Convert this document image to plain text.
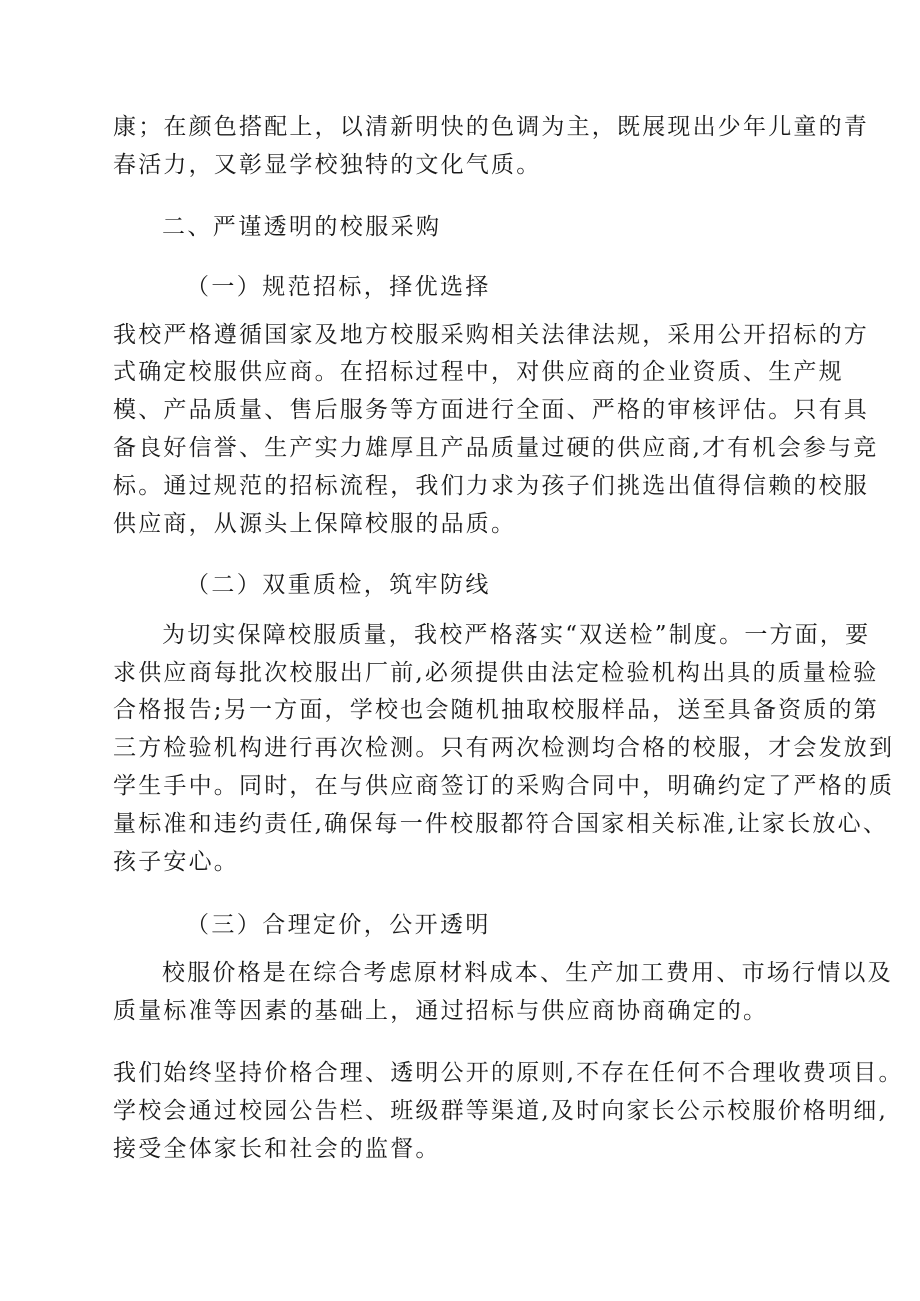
康；在颜色搭配上，以清新明快的色调为主，既展现出少年儿童的青
春活力，又彰显学校独特的文化气质。
二、严谨透明的校服采购
（一）规范招标，择优选择
我校严格遵循国家及地方校服采购相关法律法规，采用公开招标的方
式确定校服供应商。在招标过程中，对供应商的企业资质、生产规
模、产品质量、售后服务等方面进行全面、严格的审核评估。只有具
备良好信誉、生产实力雄厚且产品质量过硬的供应商,才有机会参与竞
标。通过规范的招标流程，我们力求为孩子们挑选出值得信赖的校服
供应商，从源头上保障校服的品质。
（二）双重质检，筑牢防线
为切实保障校服质量，我校严格落实“双送检”制度。一方面，要
求供应商每批次校服出厂前,必须提供由法定检验机构出具的质量检验
合格报告;另一方面，学校也会随机抽取校服样品，送至具备资质的第
三方检验机构进行再次检测。只有两次检测均合格的校服，才会发放到
学生手中。同时，在与供应商签订的采购合同中，明确约定了严格的质
量标准和违约责任,确保每一件校服都符合国家相关标准,让家长放心、
孩子安心。
（三）合理定价，公开透明
校服价格是在综合考虑原材料成本、生产加工费用、市场行情以及
质量标准等因素的基础上，通过招标与供应商协商确定的。
我们始终坚持价格合理、透明公开的原则,不存在任何不合理收费项目。
学校会通过校园公告栏、班级群等渠道,及时向家长公示校服价格明细,
接受全体家长和社会的监督。
